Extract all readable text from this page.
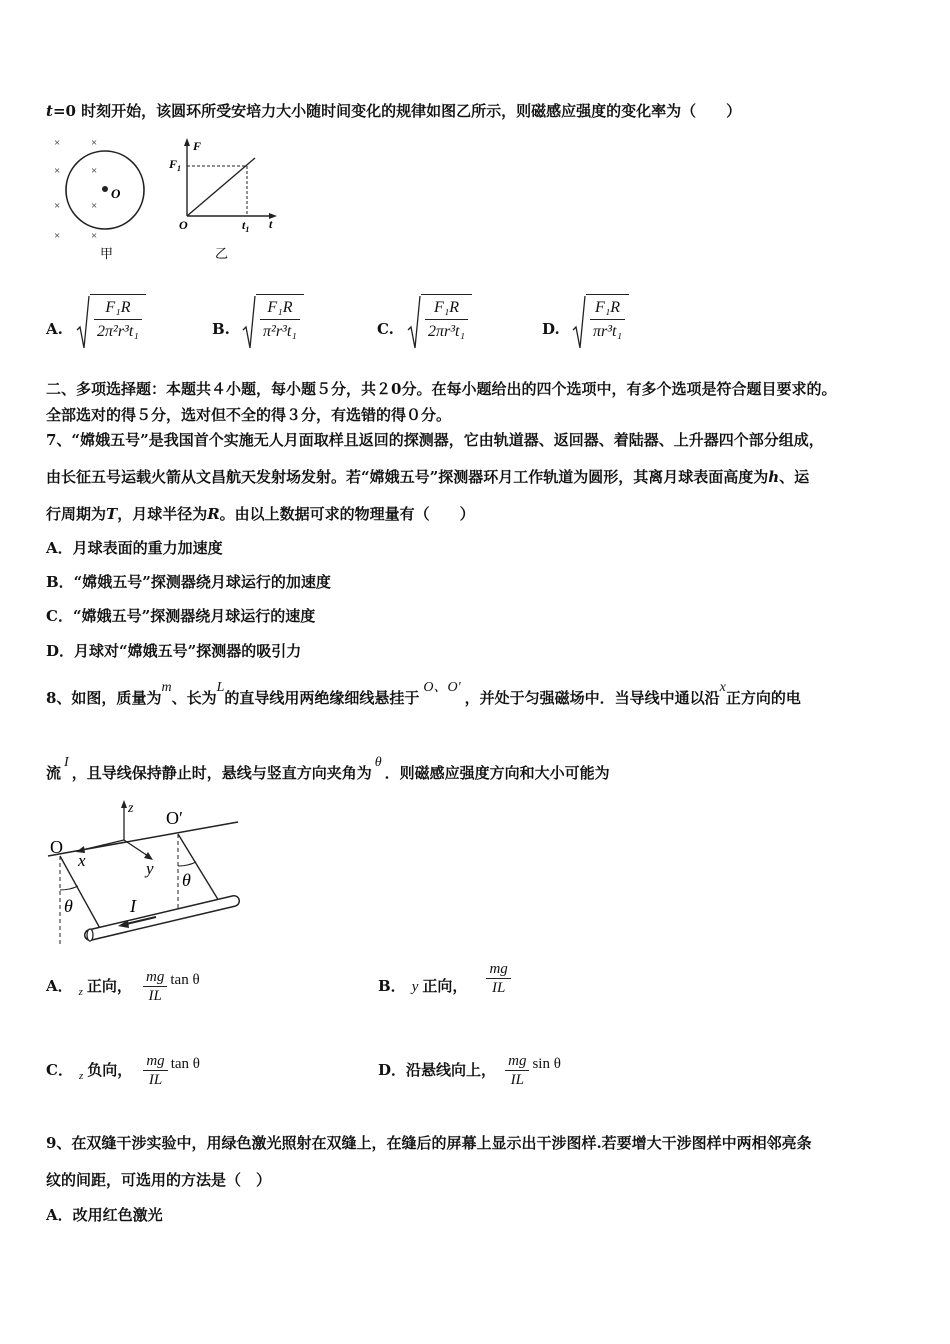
t=0 时刻开始，该圆环所受安培力大小随时间变化的规律如图乙所示，则磁感应强度的变化率为（　　）
×	×
×	×
×	×
×	×
O
甲
F
t
O
$F_1$
$t_1$
乙
A. $\frac{\text{F₁R}}{\text{2π²r³t₁}}$	B. $\frac{\text{F₁R}}{\text{π²r³t₁}}$	C. $\frac{\text{F₁R}}{\text{2πr³t₁}}$	D. $\frac{\text{F₁R}}{\text{πr³t₁}}$
二、多项选择题：本题共４小题，每小题５分，共２0分。在每小题给出的四个选项中，有多个选项是符合题目要求的。
全部选对的得５分，选对但不全的得３分，有选错的得０分。
7、“嫦娥五号”是我国首个实施无人月面取样且返回的探测器，它由轨道器、返回器、着陆器、上升器四个部分组成，
由长征五号运载火箭从文昌航天发射场发射。若“嫦娥五号”探测器环月工作轨道为圆形，其离月球表面高度为h、运
行周期为T，月球半径为R。由以上数据可求的物理量有（　　）
A．月球表面的重力加速度
B．“嫦娥五号”探测器绕月球运行的加速度
C．“嫦娥五号”探测器绕月球运行的速度
D．月球对“嫦娥五号”探测器的吸引力
8、如图，质量为m、长为L的直导线用两绝缘细线悬挂于O、O'，并处于匀强磁场中．当导线中通以沿x正方向的电
流I，且导线保持静止时，悬线与竖直方向夹角为θ．则磁感应强度方向和大小可能为
O
O′
x	y
z
θ
θ
I
A． $_z$ 正向， $\frac{mg}{IL}$ tan θ	B． y 正向， $\frac{mg}{IL}$
C． $_z$ 负向， $\frac{mg}{IL}$ tan θ	D．沿悬线向上， $\frac{mg}{IL}$ sin θ
9、在双缝干涉实验中，用绿色激光照射在双缝上，在缝后的屏幕上显示出干涉图样.若要增大干涉图样中两相邻亮条
纹的间距，可选用的方法是（　）
A．改用红色激光
